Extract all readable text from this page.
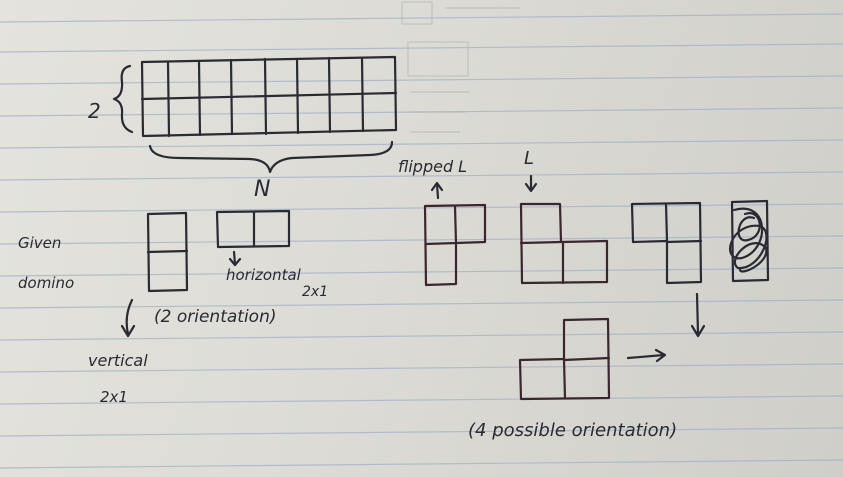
2
N
Given
domino	horizontal
2x1
(2 orientation)
vertical
2x1
flipped L	L
(4 possible orientation)
